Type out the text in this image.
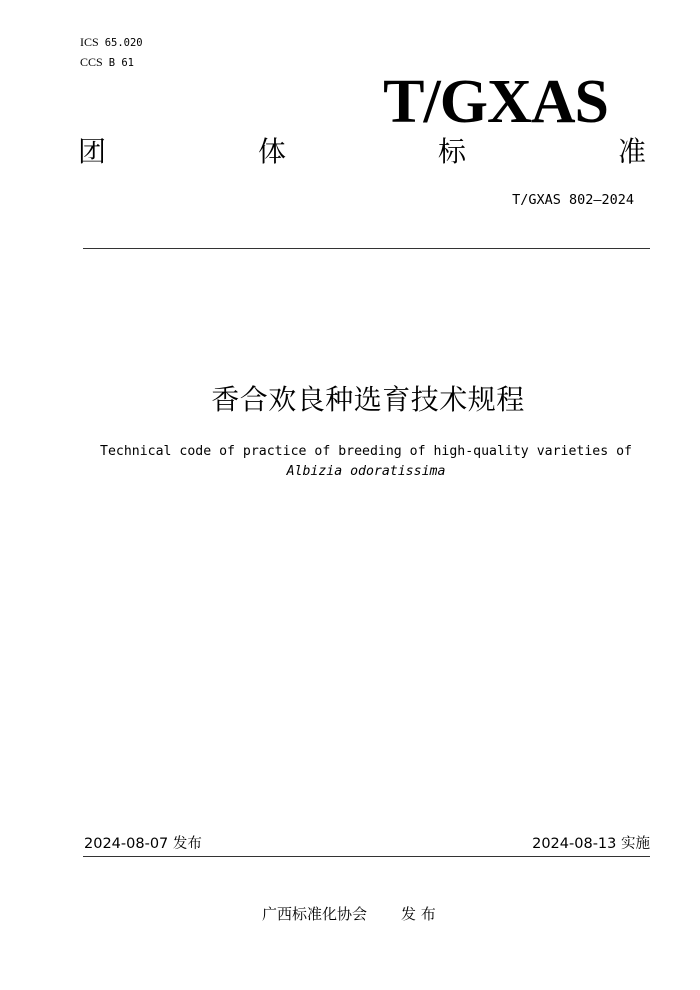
ICS 65.020
CCS B 61
T/GXAS
团	体	标	准
T/GXAS 802—2024
香合欢良种选育技术规程
Technical code of practice of breeding of high-quality varieties of
Albizia odoratissima
2024-08-07 发布	2024-08-13 实施
广西标准化协会 发 布
